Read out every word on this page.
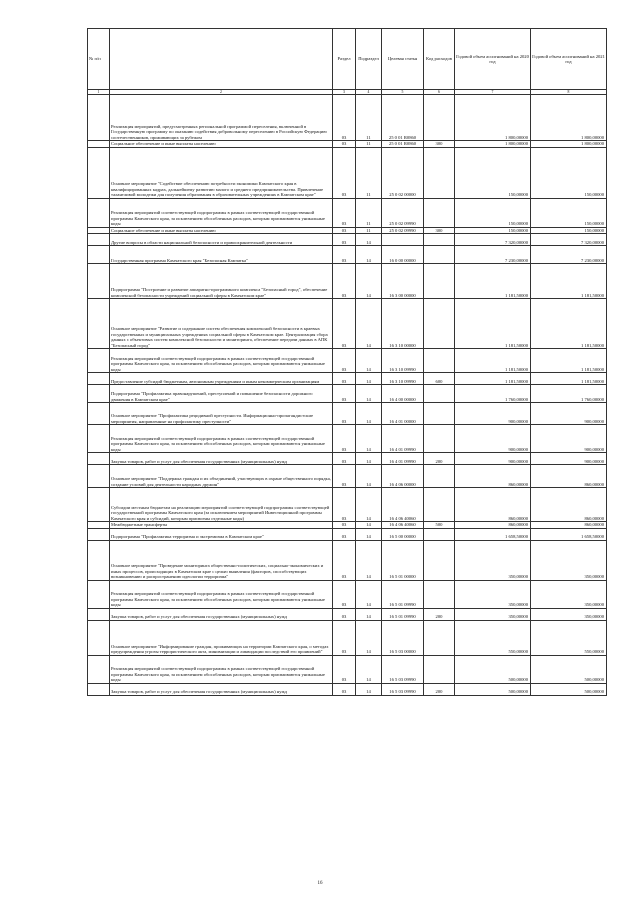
№ п/п		Раздел	Подраздел	Целевая статья	Код расходов	Годовой объем ассигнований на 2020 год	Годовой объем ассигнований на 2021 год
1	2	3	4	5	6	7	8
	Реализация мероприятий, предусмотренных региональной программой переселения, включенной в Государственную программу по оказанию содействия добровольному переселению в Российскую Федерацию соотечественников, проживающих за рубежом	03	11	25 0 01 R0860		1 800,00000	1 800,00000
	Социальное обеспечение и иные выплаты населению	03	11	25 0 01 R0860	300	1 800,00000	1 800,00000
	Основное мероприятие "Содействие обеспечению потребности экономики Камчатского края в квалифицированных кадрах, дальнейшему развитию малого и среднего предпринимательства. Привлечение талантливой молодежи для получения образования в образовательных учреждениях в Камчатском крае"	03	11	25 0 02 00000		150,00000	150,00000
	Реализация мероприятий соответствующей подпрограммы в рамках соответствующей государственной программы Камчатского края, за исключением обособленных расходов, которым присваиваются уникальные коды	03	11	25 0 02 09990		150,00000	150,00000
	Социальное обеспечение и иные выплаты населению	03	11	25 0 02 09990	300	150,00000	150,00000
	Другие вопросы в области национальной безопасности и правоохранительной деятельности	03	14			7 320,00000	7 320,00000
	Государственная программа Камчатского края "Безопасная Камчатка"	03	14	16 0 00 00000		7 230,00000	7 230,00000
	Подпрограмма "Построение и развитие аппаратно-программного комплекса "Безопасный город", обеспечение комплексной безопасности учреждений социальной сферы в Камчатском крае"	03	14	16 3 00 00000		1 181,50000	1 181,50000
	Основное мероприятие "Развитие и содержание систем обеспечения комплексной безопасности в краевых государственных и муниципальных учреждениях социальной сферы в Камчатском крае. Централизация сбора данных с объектовых систем комплексной безопасности и мониторинга, обеспечение передачи данных в АПК "Безопасный город"	03	14	16 3 10 00000		1 181,50000	1 181,50000
	Реализация мероприятий соответствующей подпрограммы в рамках соответствующей государственной программы Камчатского края, за исключением обособленных расходов, которым присваиваются уникальные коды	03	14	16 3 10 09990		1 181,50000	1 181,50000
	Предоставление субсидий бюджетным, автономным учреждениям и иным некоммерческим организациям	03	14	16 3 10 09990	600	1 181,50000	1 181,50000
	Подпрограмма "Профилактика правонарушений, преступлений и повышение безопасности дорожного движения в Камчатском крае"	03	14	16 4 00 00000		1 760,00000	1 760,00000
	Основное мероприятие "Профилактика рецидивной преступности. Информационно-пропагандистские мероприятия, направленные на профилактику преступности"	03	14	16 4 01 00000		900,00000	900,00000
	Реализация мероприятий соответствующей подпрограммы в рамках соответствующей государственной программы Камчатского края, за исключением обособленных расходов, которым присваиваются уникальные коды	03	14	16 4 01 09990		900,00000	900,00000
	Закупка товаров, работ и услуг для обеспечения государственных (муниципальных) нужд	03	14	16 4 01 09990	200	900,00000	900,00000
	Основное мероприятие "Поддержка граждан и их объединений, участвующих в охране общественного порядка, создание условий для деятельности народных дружин"	03	14	16 4 06 00000		860,00000	860,00000
	Субсидии местным бюджетам на реализацию мероприятий соответствующей подпрограммы соответствующей государственной программы Камчатского края (за исключением мероприятий Инвестиционной программы Камчатского края и субсидий, которым присвоены отдельные коды)	03	14	16 4 06 40060		860,00000	860,00000
	Межбюджетные трансферты	03	14	16 4 06 40060	500	860,00000	860,00000
	Подпрограмма "Профилактика терроризма и экстремизма в Камчатском крае"	03	14	16 5 00 00000		1 658,50000	1 658,50000
	Основное мероприятие "Проведение мониторинга общественно-политических, социально-экономических и иных процессов, происходящих в Камчатском крае с целью выявления (факторов, способствующих возникновению и распространению идеологии терроризма"	03	14	16 5 01 00000		350,00000	350,00000
	Реализация мероприятий соответствующей подпрограммы в рамках соответствующей государственной программы Камчатского края, за исключением обособленных расходов, которым присваиваются уникальные коды	03	14	16 5 01 09990		350,00000	350,00000
	Закупка товаров, работ и услуг для обеспечения государственных (муниципальных) нужд	03	14	16 5 01 09990	200	350,00000	350,00000
	Основное мероприятие "Информирование граждан, проживающих на территории Камчатского края, о методах предупреждения угрозы террористического акта, минимизации и ликвидации последствий его проявлений"	03	14	16 5 03 00000		550,00000	550,00000
	Реализация мероприятий соответствующей подпрограммы в рамках соответствующей государственной программы Камчатского края, за исключением обособленных расходов, которым присваиваются уникальные коды	03	14	16 5 03 09990		500,00000	500,00000
	Закупка товаров, работ и услуг для обеспечения государственных (муниципальных) нужд	03	14	16 5 03 09990	200	500,00000	500,00000
16
